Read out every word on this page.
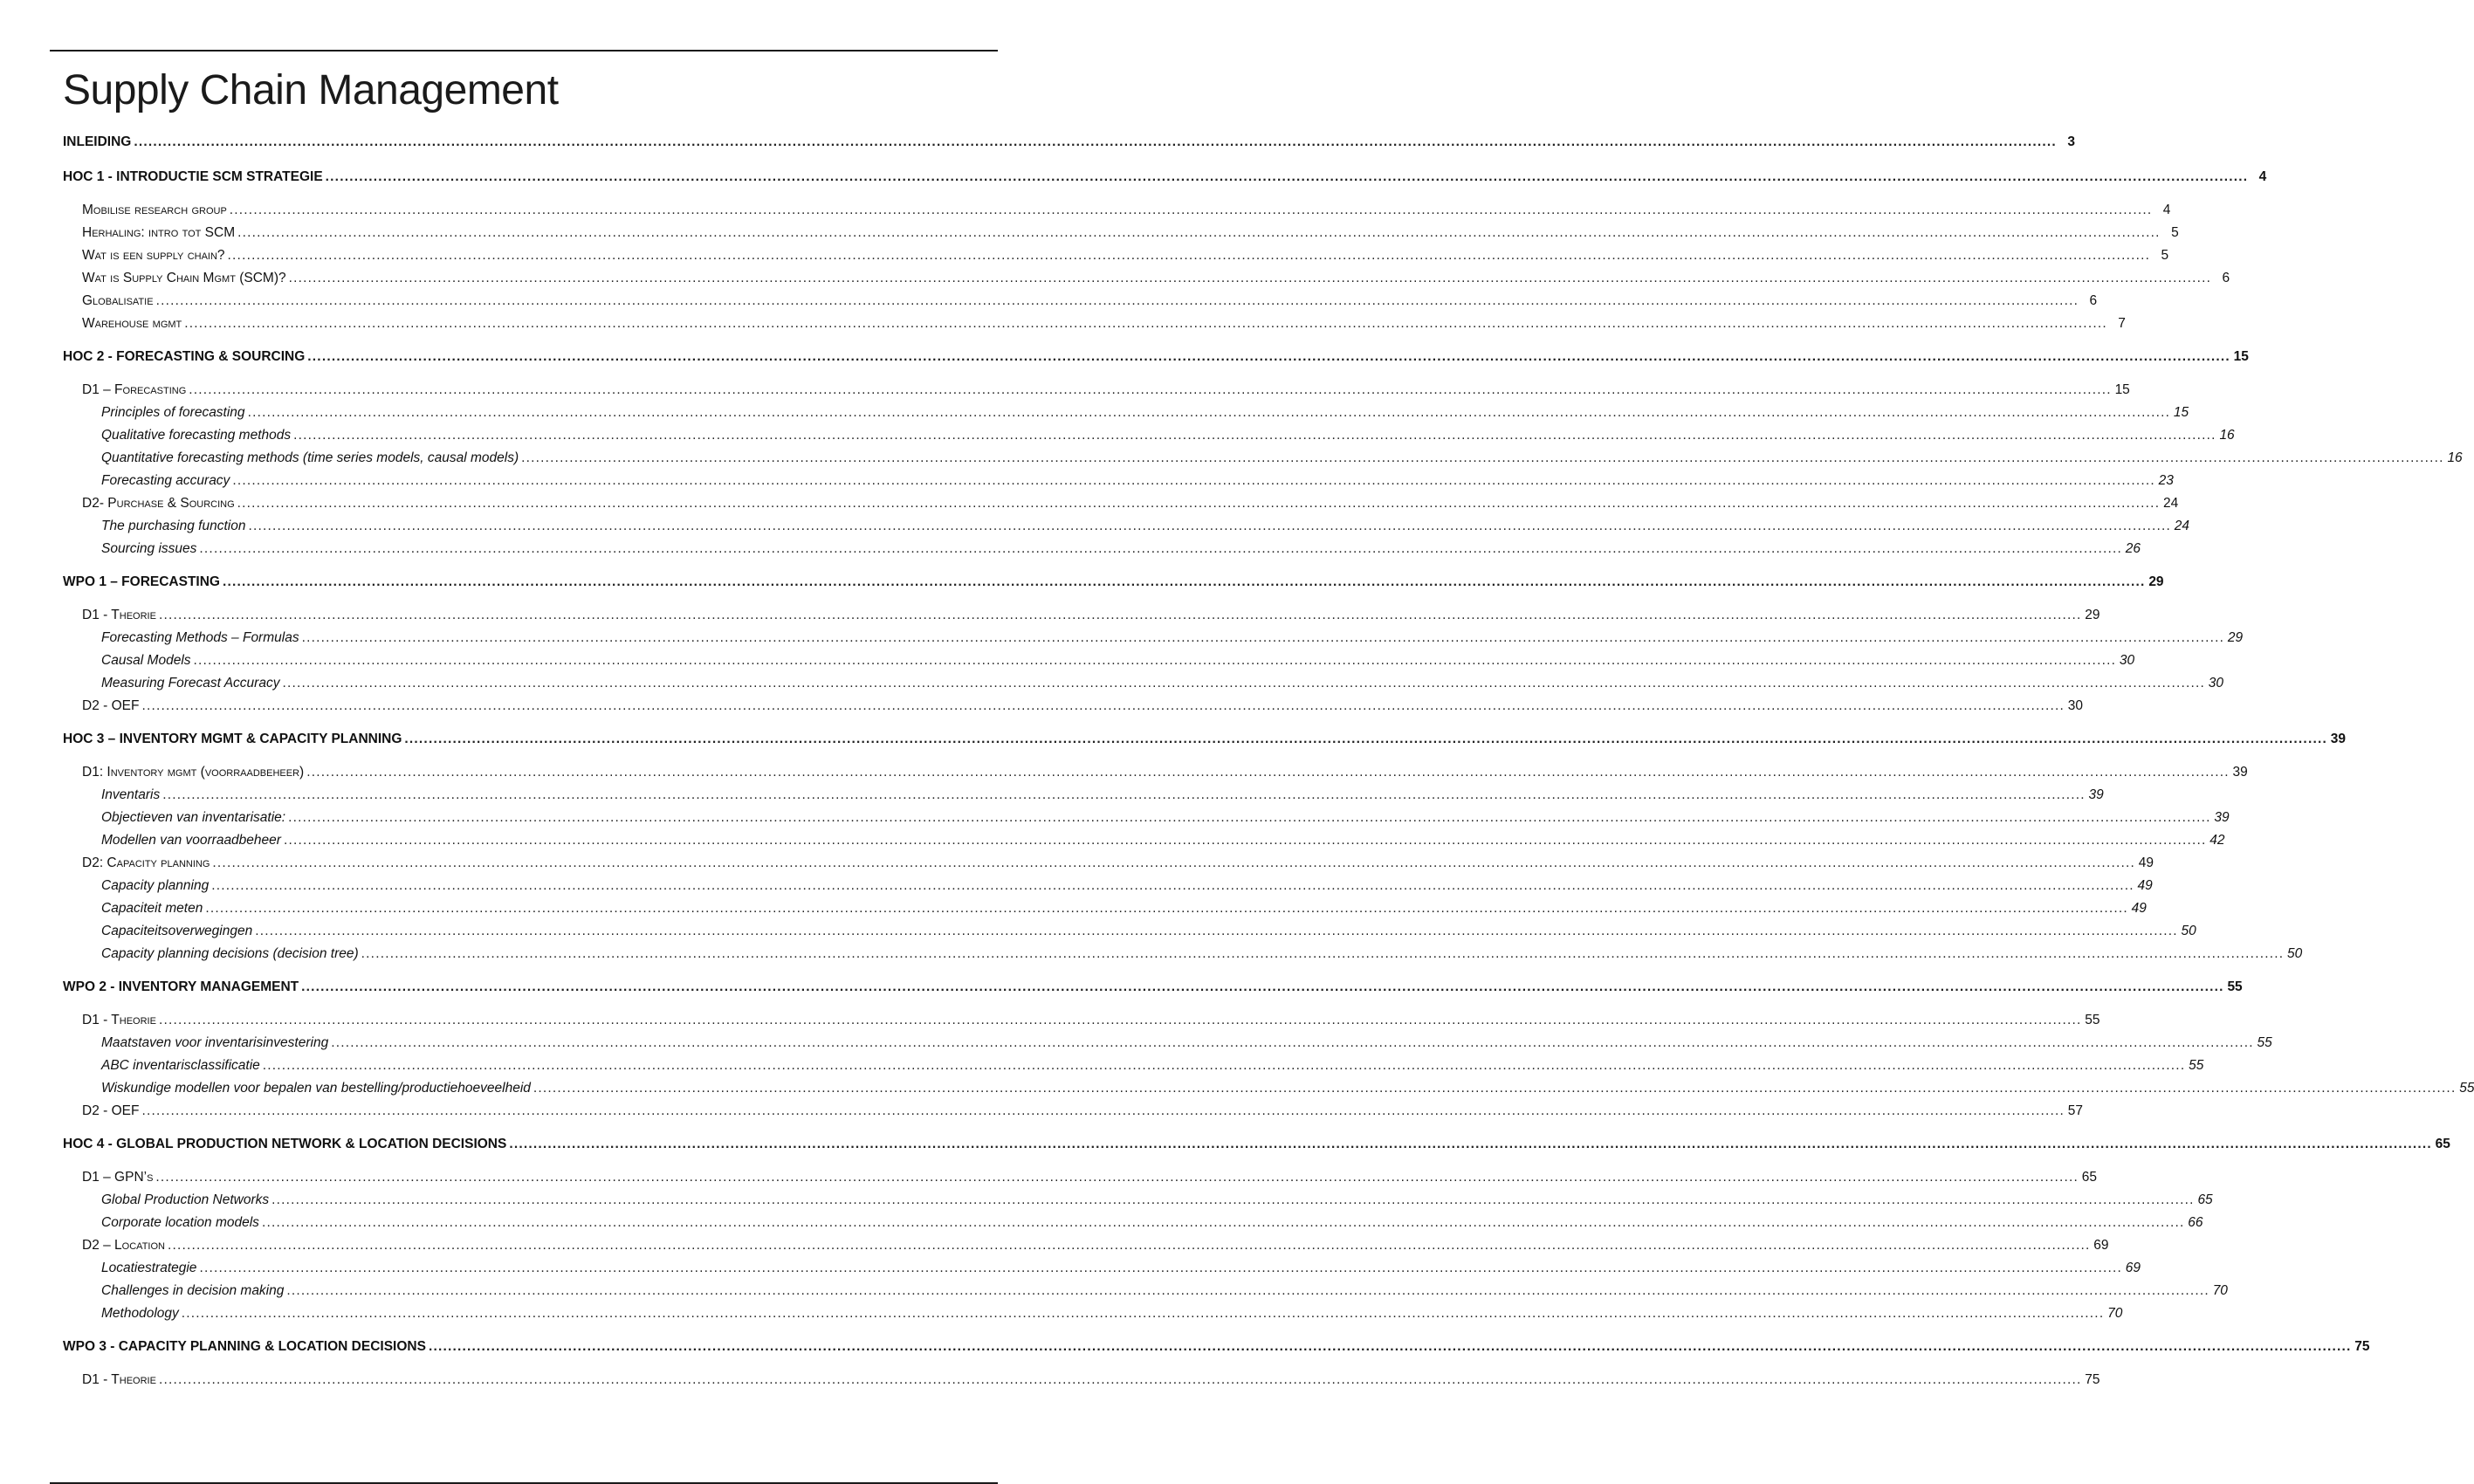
Supply Chain Management
INLEIDING ................................................................................................................................................................................................................................................................................................................................................................................................................ 3
HOC 1 - INTRODUCTIE SCM STRATEGIE ................................................................................................................................................................................................................................................................................................................................................................................................................ 4
Mobilise research group ................................................................................................................................................................................................................................................................................................................................................................................................................ 4
Herhaling: intro tot SCM ................................................................................................................................................................................................................................................................................................................................................................................................................ 5
Wat is een supply chain? ................................................................................................................................................................................................................................................................................................................................................................................................................ 5
Wat is Supply Chain Mgmt (SCM)? ................................................................................................................................................................................................................................................................................................................................................................................................................ 6
Globalisatie ................................................................................................................................................................................................................................................................................................................................................................................................................ 6
Warehouse mgmt ................................................................................................................................................................................................................................................................................................................................................................................................................ 7
HOC 2 - FORECASTING & SOURCING ................................................................................................................................................................................................................................................................................................................................................................................................................ 15
D1 – Forecasting ................................................................................................................................................................................................................................................................................................................................................................................................................ 15
Principles of forecasting ................................................................................................................................................................................................................................................................................................................................................................................................................ 15
Qualitative forecasting methods ................................................................................................................................................................................................................................................................................................................................................................................................................ 16
Quantitative forecasting methods (time series models, causal models) ................................................................................................................................................................................................................................................................................................................................................................................................................ 16
Forecasting accuracy ................................................................................................................................................................................................................................................................................................................................................................................................................ 23
D2- Purchase & Sourcing ................................................................................................................................................................................................................................................................................................................................................................................................................ 24
The purchasing function ................................................................................................................................................................................................................................................................................................................................................................................................................ 24
Sourcing issues ................................................................................................................................................................................................................................................................................................................................................................................................................ 26
WPO 1 – FORECASTING ................................................................................................................................................................................................................................................................................................................................................................................................................ 29
D1 - Theorie ................................................................................................................................................................................................................................................................................................................................................................................................................ 29
Forecasting Methods – Formulas ................................................................................................................................................................................................................................................................................................................................................................................................................ 29
Causal Models ................................................................................................................................................................................................................................................................................................................................................................................................................ 30
Measuring Forecast Accuracy ................................................................................................................................................................................................................................................................................................................................................................................................................ 30
D2 - OEF ................................................................................................................................................................................................................................................................................................................................................................................................................ 30
HOC 3 – INVENTORY MGMT & CAPACITY PLANNING ................................................................................................................................................................................................................................................................................................................................................................................................................ 39
D1: Inventory mgmt (voorraadbeheer) ................................................................................................................................................................................................................................................................................................................................................................................................................ 39
Inventaris ................................................................................................................................................................................................................................................................................................................................................................................................................ 39
Objectieven van inventarisatie: ................................................................................................................................................................................................................................................................................................................................................................................................................ 39
Modellen van voorraadbeheer ................................................................................................................................................................................................................................................................................................................................................................................................................ 42
D2: Capacity planning ................................................................................................................................................................................................................................................................................................................................................................................................................ 49
Capacity planning ................................................................................................................................................................................................................................................................................................................................................................................................................ 49
Capaciteit meten ................................................................................................................................................................................................................................................................................................................................................................................................................ 49
Capaciteitsoverwegingen ................................................................................................................................................................................................................................................................................................................................................................................................................ 50
Capacity planning decisions (decision tree) ................................................................................................................................................................................................................................................................................................................................................................................................................ 50
WPO 2 - INVENTORY MANAGEMENT ................................................................................................................................................................................................................................................................................................................................................................................................................ 55
D1 - Theorie ................................................................................................................................................................................................................................................................................................................................................................................................................ 55
Maatstaven voor inventarisinvestering ................................................................................................................................................................................................................................................................................................................................................................................................................ 55
ABC inventarisclassificatie ................................................................................................................................................................................................................................................................................................................................................................................................................ 55
Wiskundige modellen voor bepalen van bestelling/productiehoeveelheid ................................................................................................................................................................................................................................................................................................................................................................................................................ 55
D2 - OEF ................................................................................................................................................................................................................................................................................................................................................................................................................ 57
HOC 4 - GLOBAL PRODUCTION NETWORK & LOCATION DECISIONS ................................................................................................................................................................................................................................................................................................................................................................................................................ 65
D1 – GPN’s ................................................................................................................................................................................................................................................................................................................................................................................................................ 65
Global Production Networks ................................................................................................................................................................................................................................................................................................................................................................................................................ 65
Corporate location models ................................................................................................................................................................................................................................................................................................................................................................................................................ 66
D2 – Location ................................................................................................................................................................................................................................................................................................................................................................................................................ 69
Locatiestrategie ................................................................................................................................................................................................................................................................................................................................................................................................................ 69
Challenges in decision making ................................................................................................................................................................................................................................................................................................................................................................................................................ 70
Methodology ................................................................................................................................................................................................................................................................................................................................................................................................................ 70
WPO 3 - CAPACITY PLANNING & LOCATION DECISIONS ................................................................................................................................................................................................................................................................................................................................................................................................................ 75
D1 - Theorie ................................................................................................................................................................................................................................................................................................................................................................................................................ 75
